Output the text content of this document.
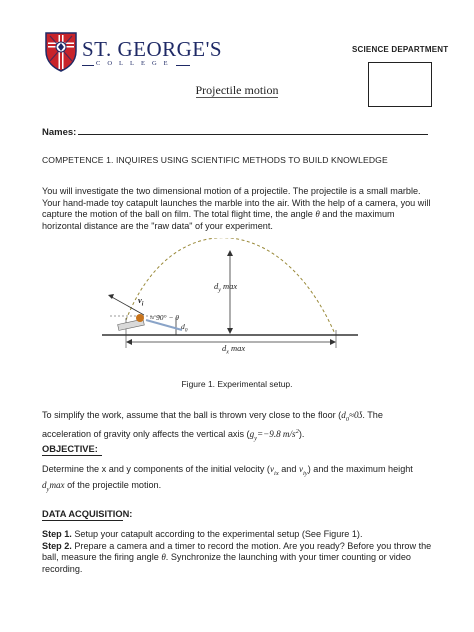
ST. GEORGE'S
COLLEGE
SCIENCE DEPARTMENT
Projectile motion
Names:
COMPETENCE 1. INQUIRES USING SCIENTIFIC METHODS TO BUILD KNOWLEDGE
You will investigate the two dimensional motion of a projectile. The projectile is a small marble. Your hand-made toy catapult launches the marble into the air. With the help of a camera, you will capture the motion of the ball on film. The total flight time, the angle θ and the maximum horizontal distance are the "raw data" of your experiment.
$d_y$ max
$d_x$ max
$v_i$
≈ 90° − θ
$d_0$
Figure 1. Experimental setup.
To simplify the work, assume that the ball is thrown very close to the floor ($d_0\approx 0ʖ$. The acceleration of gravity only affects the vertical axis ($g_y=-9.8$ $m/s^2$).
OBJECTIVE:
Determine the x and y components of the initial velocity ($v_{ix}$ and $v_{iy}$) and the maximum height $d_y\max$ of the projectile motion.
DATA ACQUISITION:
Step 1. Setup your catapult according to the experimental setup (See Figure 1).
Step 2. Prepare a camera and a timer to record the motion. Are you ready? Before you throw the ball, measure the firing angle θ. Synchronize the launching with your timer counting or video recording.
